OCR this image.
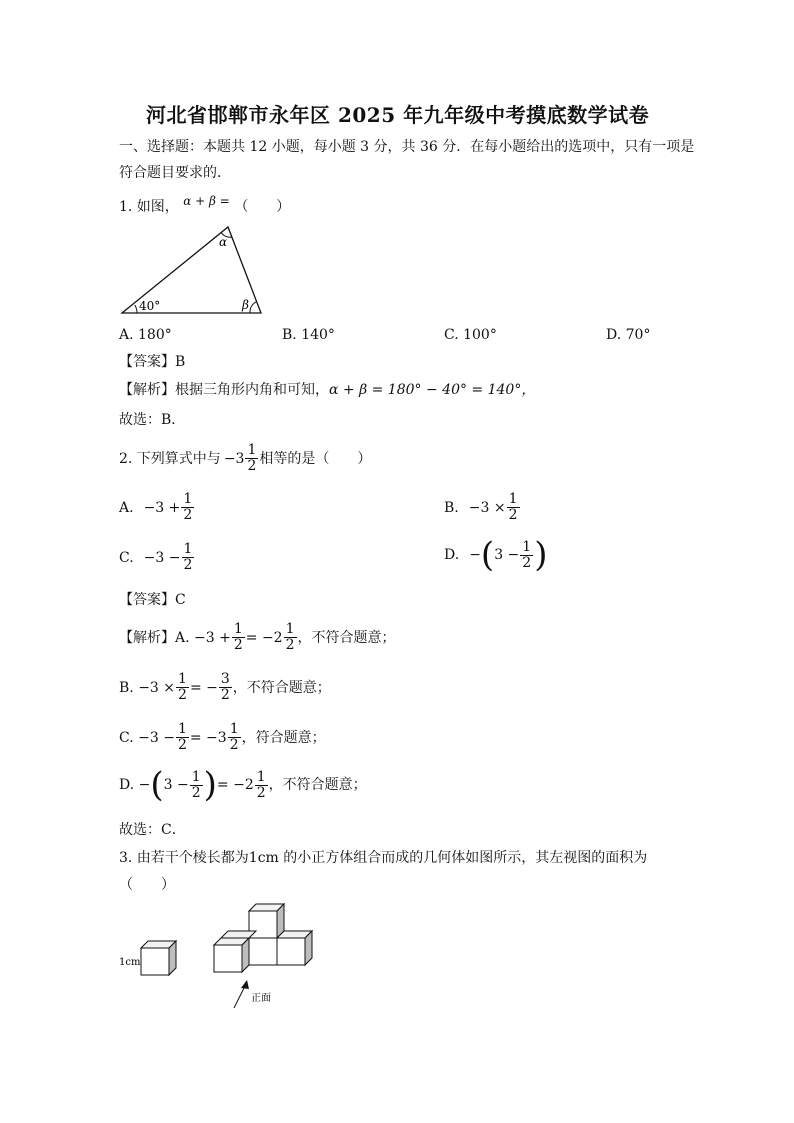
河北省邯郸市永年区 2025 年九年级中考摸底数学试卷
一、选择题：本题共 12 小题，每小题 3 分，共 36 分．在每小题给出的选项中，只有一项是
符合题目要求的．
1. 如图， α + β = （　　）
α
β
40°
A. 180°	B. 140°	C. 100°	D. 70°
【答案】B
【解析】根据三角形内角和可知，α + β = 180° − 40° = 140°，
故选：B．
2. 下列算式中与 $-3 \frac{1}{2}$ 相等的是（　　）
A. $-3 + \frac{1}{2}$	B. $-3 \times \frac{1}{2}$
C. $-3 - \frac{1}{2}$	D. − ( $3 - \frac{1}{2}$ )
【答案】C
【解析】A. $-3 + \frac{1}{2} = -2 \frac{1}{2}$ ，不符合题意；
B. $-3 \times \frac{1}{2}$ = − $\frac{3}{2}$ ，不符合题意；
C. $-3 - \frac{1}{2} = -3 \frac{1}{2}$ ，符合题意；
D. − ( $3 - \frac{1}{2}$ ) = $-2 \frac{1}{2}$ ，不符合题意；
故选：C．
3. 由若干个棱长都为1cm 的小正方体组合而成的几何体如图所示，其左视图的面积为
（　　）
1cm
正面
